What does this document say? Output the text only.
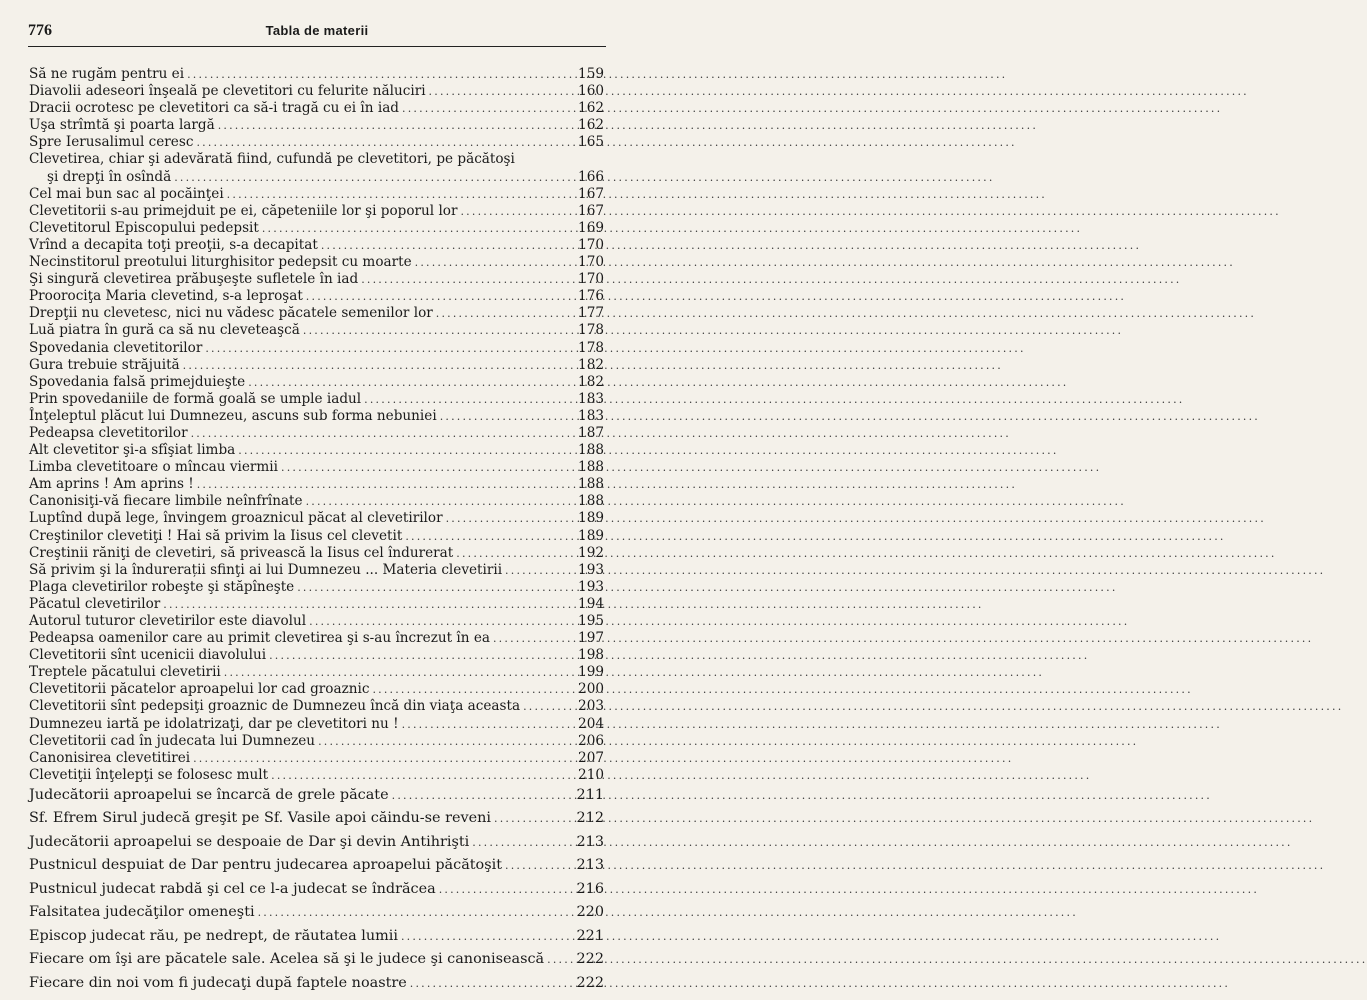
776	Tabla de materii
Să ne rugăm pentru ei .....	159
Diavolii adeseori înşeală pe clevetitori cu felurite năluciri .....	160
Dracii ocrotesc pe clevetitori ca să-i tragă cu ei în iad .....	162
Uşa strîmtă şi poarta largă .....	162
Spre Ierusalimul ceresc .....	165
Clevetirea, chiar şi adevărată fiind, cufundă pe clevetitori, pe păcătoşi
şi drepţi în osîndă .....	166
Cel mai bun sac al pocăinţei .....	167
Clevetitorii s-au primejduit pe ei, căpeteniile lor şi poporul lor .....	167
Clevetitorul Episcopului pedepsit .....	169
Vrînd a decapita toţi preoţii, s-a decapitat .....	170
Necinstitorul preotului liturghisitor pedepsit cu moarte .....	170
Şi singură clevetirea prăbuşeşte sufletele în iad .....	170
Proorociţa Maria clevetind, s-a leproşat .....	176
Drepţii nu clevetesc, nici nu vădesc păcatele semenilor lor .....	177
Luă piatra în gură ca să nu cleveteaşcă .....	178
Spovedania clevetitorilor .....	178
Gura trebuie străjuită .....	182
Spovedania falsă primejduieşte .....	182
Prin spovedaniile de formă goală se umple iadul .....	183
Înţeleptul plăcut lui Dumnezeu, ascuns sub forma nebuniei .....	183
Pedeapsa clevetitorilor .....	187
Alt clevetitor şi-a sfîşiat limba .....	188
Limba clevetitoare o mîncau viermii .....	188
Am aprins ! Am aprins ! .....	188
Canonisiţi-vă fiecare limbile neînfrînate .....	188
Luptînd după lege, învingem groaznicul păcat al clevetirilor .....	189
Creştinilor clevetiţi ! Hai să privim la Iisus cel clevetit .....	189
Creştinii răniţi de clevetiri, să privească la Iisus cel îndurerat .....	192
Să privim şi la îndurerații sfinţi ai lui Dumnezeu ... Materia clevetirii .....	193
Plaga clevetirilor robeşte şi stăpîneşte .....	193
Păcatul clevetirilor .....	194
Autorul tuturor clevetirilor este diavolul .....	195
Pedeapsa oamenilor care au primit clevetirea şi s-au încrezut în ea .....	197
Clevetitorii sînt ucenicii diavolului .....	198
Treptele păcatului clevetirii .....	199
Clevetitorii păcatelor aproapelui lor cad groaznic .....	200
Clevetitorii sînt pedepsiţi groaznic de Dumnezeu încă din viaţa aceasta .....	203
Dumnezeu iartă pe idolatrizaţi, dar pe clevetitori nu ! .....	204
Clevetitorii cad în judecata lui Dumnezeu .....	206
Canonisirea clevetitirei .....	207
Clevetiţii înţelepţi se folosesc mult .....	210
Judecătorii aproapelui se încarcă de grele păcate .....	211
Sf. Efrem Sirul judecă greşit pe Sf. Vasile apoi căindu-se reveni .....	212
Judecătorii aproapelui se despoaie de Dar şi devin Antihrişti .....	213
Pustnicul despuiat de Dar pentru judecarea aproapelui păcătoşit .....	213
Pustnicul judecat rabdă şi cel ce l-a judecat se îndrăcea .....	216
Falsitatea judecăţilor omeneşti .....	220
Episcop judecat rău, pe nedrept, de răutatea lumii .....	221
Fiecare om îşi are păcatele sale. Acelea să şi le judece şi canonisească ..... 222
Fiecare din noi vom fi judecaţi după faptele noastre .....	222
